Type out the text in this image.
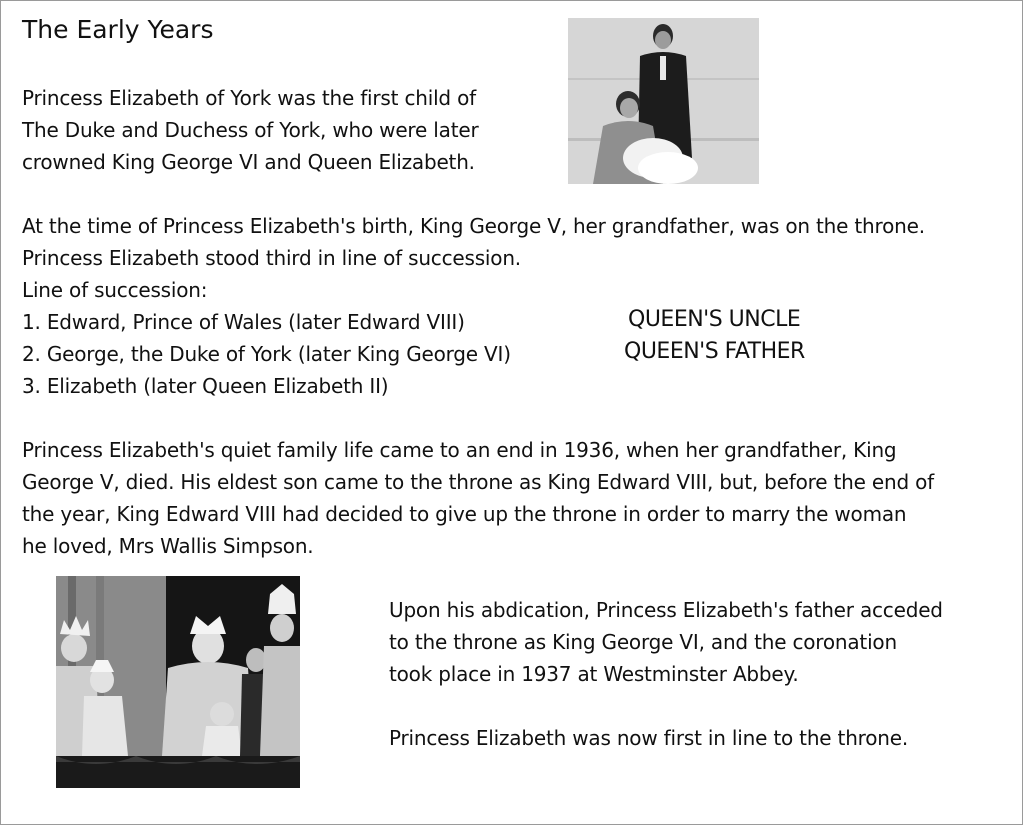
The Early Years

Princess Elizabeth of York was the first child of

The Duke and Duchess of York, who were later

crowned King George VI and Queen Elizabeth.

At the time of Princess Elizabeth's birth, King George V, her grandfather, was on the throne.

Princess Elizabeth stood third in line of succession.

Line of succession:

1. Edward, Prince of Wales (later Edward VIII)	QUEEN'S UNCLE

2. George, the Duke of York (later King George VI)	QUEEN'S FATHER

3. Elizabeth (later Queen Elizabeth II)

Princess Elizabeth's quiet family life came to an end in 1936, when her grandfather, King

George V, died. His eldest son came to the throne as King Edward VIII, but, before the end of

the year, King Edward VIII had decided to give up the throne in order to marry the woman

he loved, Mrs Wallis Simpson.

Upon his abdication, Princess Elizabeth's father acceded

to the throne as King George VI, and the coronation

took place in 1937 at Westminster Abbey.

Princess Elizabeth was now first in line to the throne.
